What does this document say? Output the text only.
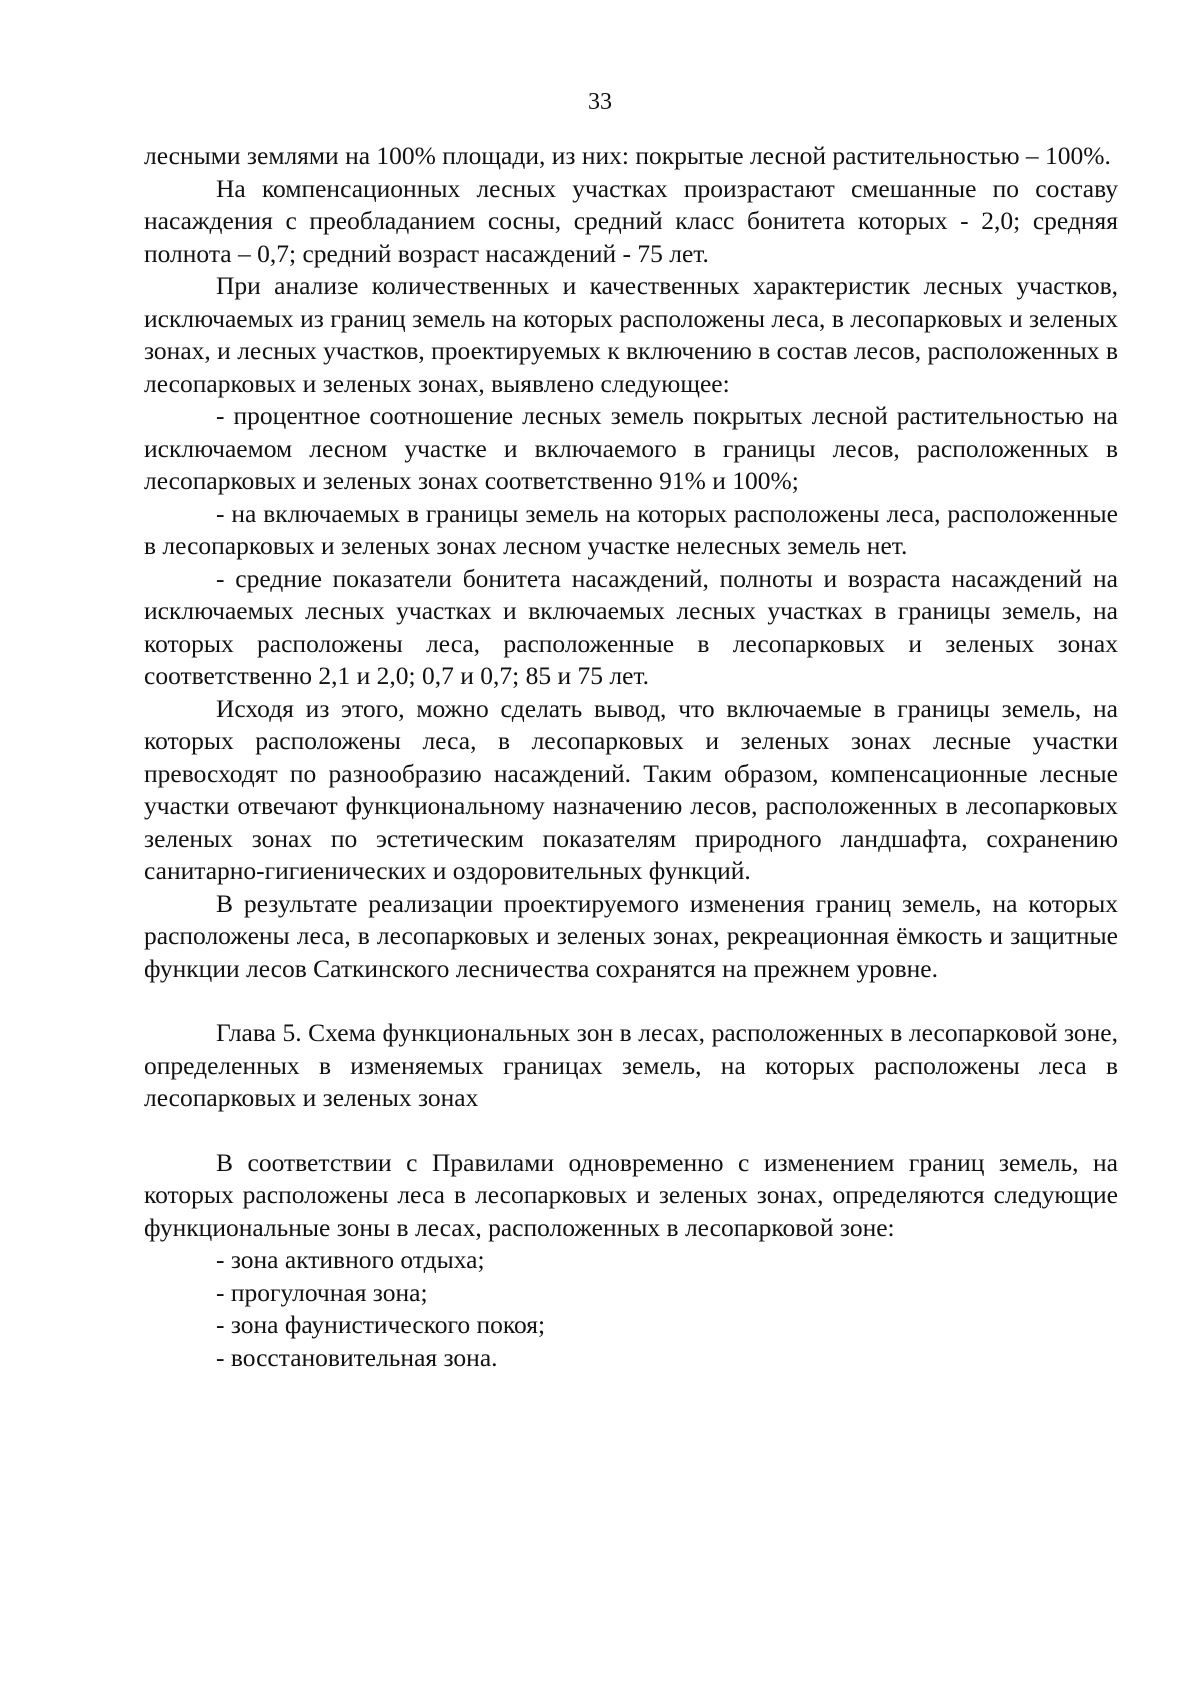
33

лесными землями на 100% площади, из них: покрытые лесной растительностью – 100%.

На компенсационных лесных участках произрастают смешанные по составу насаждения с преобладанием сосны, средний класс бонитета которых - 2,0; средняя полнота – 0,7; средний возраст насаждений - 75 лет.

При анализе количественных и качественных характеристик лесных участков, исключаемых из границ земель на которых расположены леса, в лесопарковых и зеленых зонах, и лесных участков, проектируемых к включению в состав лесов, расположенных в лесопарковых и зеленых зонах, выявлено следующее:

- процентное соотношение лесных земель покрытых лесной растительностью на исключаемом лесном участке и включаемого в границы лесов, расположенных в лесопарковых и зеленых зонах соответственно 91% и 100%;

- на включаемых в границы земель на которых расположены леса, расположенные в лесопарковых и зеленых зонах лесном участке нелесных земель нет.

- средние показатели бонитета насаждений, полноты и возраста насаждений на исключаемых лесных участках и включаемых лесных участках в границы земель, на которых расположены леса, расположенные в лесопарковых и зеленых зонах соответственно 2,1 и 2,0; 0,7 и 0,7; 85 и 75 лет.

Исходя из этого, можно сделать вывод, что включаемые в границы земель, на которых расположены леса, в лесопарковых и зеленых зонах лесные участки превосходят по разнообразию насаждений. Таким образом, компенсационные лесные участки отвечают функциональному назначению лесов, расположенных в лесопарковых зеленых зонах по эстетическим показателям природного ландшафта, сохранению санитарно-гигиенических и оздоровительных функций.

В результате реализации проектируемого изменения границ земель, на которых расположены леса, в лесопарковых и зеленых зонах, рекреационная ёмкость и защитные функции лесов Саткинского лесничества сохранятся на прежнем уровне.

Глава 5. Схема функциональных зон в лесах, расположенных в лесопарковой зоне, определенных в изменяемых границах земель, на которых расположены леса в лесопарковых и зеленых зонах

В соответствии с Правилами одновременно с изменением границ земель, на которых расположены леса в лесопарковых и зеленых зонах, определяются следующие функциональные зоны в лесах, расположенных в лесопарковой зоне:

- зона активного отдыха;
- прогулочная зона;
- зона фаунистического покоя;
- восстановительная зона.
